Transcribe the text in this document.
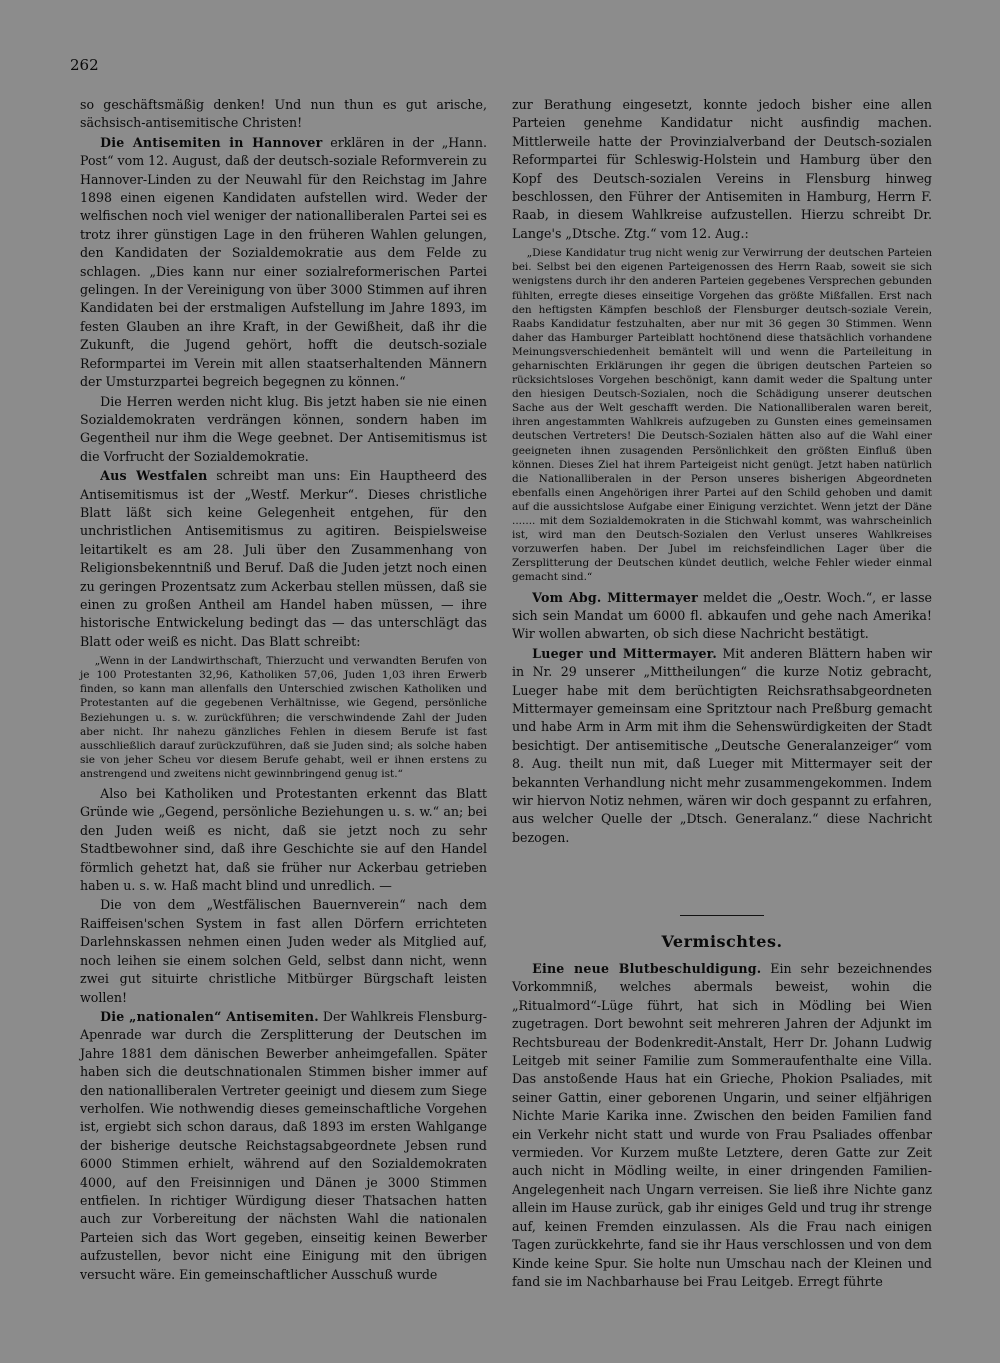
262

so geschäftsmäßig denken! Und nun thun es gut arische, sächsisch-antisemitische Christen!

Die Antisemiten in Hannover erklären in der „Hann. Post“ vom 12. August, daß der deutsch-soziale Reformverein zu Hannover-Linden zu der Neuwahl für den Reichstag im Jahre 1898 einen eigenen Kandidaten aufstellen wird. Weder der welfischen noch viel weniger der nationalliberalen Partei sei es trotz ihrer günstigen Lage in den früheren Wahlen gelungen, den Kandidaten der Sozialdemokratie aus dem Felde zu schlagen. „Dies kann nur einer sozialreformerischen Partei gelingen. In der Vereinigung von über 3000 Stimmen auf ihren Kandidaten bei der erstmaligen Aufstellung im Jahre 1893, im festen Glauben an ihre Kraft, in der Gewißheit, daß ihr die Zukunft, die Jugend gehört, hofft die deutsch-soziale Reformpartei im Verein mit allen staatserhaltenden Männern der Umsturzpartei begreich begegnen zu können.“

Die Herren werden nicht klug. Bis jetzt haben sie nie einen Sozialdemokraten verdrängen können, sondern haben im Gegentheil nur ihm die Wege geebnet. Der Antisemitismus ist die Vorfrucht der Sozialdemokratie.

Aus Westfalen schreibt man uns: Ein Hauptheerd des Antisemitismus ist der „Westf. Merkur“. Dieses christliche Blatt läßt sich keine Gelegenheit entgehen, für den unchristlichen Antisemitismus zu agitiren. Beispielsweise leitartikelt es am 28. Juli über den Zusammenhang von Religionsbekenntniß und Beruf. Daß die Juden jetzt noch einen zu geringen Prozentsatz zum Ackerbau stellen müssen, daß sie einen zu großen Antheil am Handel haben müssen, — ihre historische Entwickelung bedingt das — das unterschlägt das Blatt oder weiß es nicht. Das Blatt schreibt:

„Wenn in der Landwirthschaft, Thierzucht und verwandten Berufen von je 100 Protestanten 32,96, Katholiken 57,06, Juden 1,03 ihren Erwerb finden, so kann man allenfalls den Unterschied zwischen Katholiken und Protestanten auf die gegebenen Verhältnisse, wie Gegend, persönliche Beziehungen u. s. w. zurückführen; die verschwindende Zahl der Juden aber nicht. Ihr nahezu gänzliches Fehlen in diesem Berufe ist fast ausschließlich darauf zurückzuführen, daß sie Juden sind; als solche haben sie von jeher Scheu vor diesem Berufe gehabt, weil er ihnen erstens zu anstrengend und zweitens nicht gewinnbringend genug ist.“

Also bei Katholiken und Protestanten erkennt das Blatt Gründe wie „Gegend, persönliche Beziehungen u. s. w.“ an; bei den Juden weiß es nicht, daß sie jetzt noch zu sehr Stadtbewohner sind, daß ihre Geschichte sie auf den Handel förmlich gehetzt hat, daß sie früher nur Ackerbau getrieben haben u. s. w. Haß macht blind und unredlich. —

Die von dem „Westfälischen Bauernverein“ nach dem Raiffeisen'schen System in fast allen Dörfern errichteten Darlehnskassen nehmen einen Juden weder als Mitglied auf, noch leihen sie einem solchen Geld, selbst dann nicht, wenn zwei gut situirte christliche Mitbürger Bürgschaft leisten wollen!

Die „nationalen“ Antisemiten. Der Wahlkreis Flensburg-Apenrade war durch die Zersplitterung der Deutschen im Jahre 1881 dem dänischen Bewerber anheimgefallen. Später haben sich die deutschnationalen Stimmen bisher immer auf den nationalliberalen Vertreter geeinigt und diesem zum Siege verholfen. Wie nothwendig dieses gemeinschaftliche Vorgehen ist, ergiebt sich schon daraus, daß 1893 im ersten Wahlgange der bisherige deutsche Reichstagsabgeordnete Jebsen rund 6000 Stimmen erhielt, während auf den Sozialdemokraten 4000, auf den Freisinnigen und Dänen je 3000 Stimmen entfielen. In richtiger Würdigung dieser Thatsachen hatten auch zur Vorbereitung der nächsten Wahl die nationalen Parteien sich das Wort gegeben, einseitig keinen Bewerber aufzustellen, bevor nicht eine Einigung mit den übrigen versucht wäre. Ein gemeinschaftlicher Ausschuß wurde

zur Berathung eingesetzt, konnte jedoch bisher eine allen Parteien genehme Kandidatur nicht ausfindig machen. Mittlerweile hatte der Provinzialverband der Deutsch-sozialen Reformpartei für Schleswig-Holstein und Hamburg über den Kopf des Deutsch-sozialen Vereins in Flensburg hinweg beschlossen, den Führer der Antisemiten in Hamburg, Herrn F. Raab, in diesem Wahlkreise aufzustellen. Hierzu schreibt Dr. Lange's „Dtsche. Ztg.“ vom 12. Aug.:

„Diese Kandidatur trug nicht wenig zur Verwirrung der deutschen Parteien bei. Selbst bei den eigenen Parteigenossen des Herrn Raab, soweit sie sich wenigstens durch ihr den anderen Parteien gegebenes Versprechen gebunden fühlten, erregte dieses einseitige Vorgehen das größte Mißfallen. Erst nach den heftigsten Kämpfen beschloß der Flensburger deutsch-soziale Verein, Raabs Kandidatur festzuhalten, aber nur mit 36 gegen 30 Stimmen. Wenn daher das Hamburger Parteiblatt hochtönend diese thatsächlich vorhandene Meinungsverschiedenheit bemäntelt will und wenn die Parteileitung in geharnischten Erklärungen ihr gegen die übrigen deutschen Parteien so rücksichtsloses Vorgehen beschönigt, kann damit weder die Spaltung unter den hiesigen Deutsch-Sozialen, noch die Schädigung unserer deutschen Sache aus der Welt geschafft werden. Die Nationalliberalen waren bereit, ihren angestammten Wahlkreis aufzugeben zu Gunsten eines gemeinsamen deutschen Vertreters! Die Deutsch-Sozialen hätten also auf die Wahl einer geeigneten ihnen zusagenden Persönlichkeit den größten Einfluß üben können. Dieses Ziel hat ihrem Parteigeist nicht genügt. Jetzt haben natürlich die Nationalliberalen in der Person unseres bisherigen Abgeordneten ebenfalls einen Angehörigen ihrer Partei auf den Schild gehoben und damit auf die aussichtslose Aufgabe einer Einigung verzichtet. Wenn jetzt der Däne ....... mit dem Sozialdemokraten in die Stichwahl kommt, was wahrscheinlich ist, wird man den Deutsch-Sozialen den Verlust unseres Wahlkreises vorzuwerfen haben. Der Jubel im reichsfeindlichen Lager über die Zersplitterung der Deutschen kündet deutlich, welche Fehler wieder einmal gemacht sind.“

Vom Abg. Mittermayer meldet die „Oestr. Woch.“, er lasse sich sein Mandat um 6000 fl. abkaufen und gehe nach Amerika! Wir wollen abwarten, ob sich diese Nachricht bestätigt.

Lueger und Mittermayer. Mit anderen Blättern haben wir in Nr. 29 unserer „Mittheilungen“ die kurze Notiz gebracht, Lueger habe mit dem berüchtigten Reichsrathsabgeordneten Mittermayer gemeinsam eine Spritztour nach Preßburg gemacht und habe Arm in Arm mit ihm die Sehenswürdigkeiten der Stadt besichtigt. Der antisemitische „Deutsche Generalanzeiger“ vom 8. Aug. theilt nun mit, daß Lueger mit Mittermayer seit der bekannten Verhandlung nicht mehr zusammengekommen. Indem wir hiervon Notiz nehmen, wären wir doch gespannt zu erfahren, aus welcher Quelle der „Dtsch. Generalanz.“ diese Nachricht bezogen.

Vermischtes.

Eine neue Blutbeschuldigung. Ein sehr bezeichnendes Vorkommniß, welches abermals beweist, wohin die „Ritualmord“-Lüge führt, hat sich in Mödling bei Wien zugetragen. Dort bewohnt seit mehreren Jahren der Adjunkt im Rechtsbureau der Bodenkredit-Anstalt, Herr Dr. Johann Ludwig Leitgeb mit seiner Familie zum Sommeraufenthalte eine Villa. Das anstoßende Haus hat ein Grieche, Phokion Psaliades, mit seiner Gattin, einer geborenen Ungarin, und seiner elfjährigen Nichte Marie Karika inne. Zwischen den beiden Familien fand ein Verkehr nicht statt und wurde von Frau Psaliades offenbar vermieden. Vor Kurzem mußte Letztere, deren Gatte zur Zeit auch nicht in Mödling weilte, in einer dringenden Familien-Angelegenheit nach Ungarn verreisen. Sie ließ ihre Nichte ganz allein im Hause zurück, gab ihr einiges Geld und trug ihr strenge auf, keinen Fremden einzulassen. Als die Frau nach einigen Tagen zurückkehrte, fand sie ihr Haus verschlossen und von dem Kinde keine Spur. Sie holte nun Umschau nach der Kleinen und fand sie im Nachbarhause bei Frau Leitgeb. Erregt führte
